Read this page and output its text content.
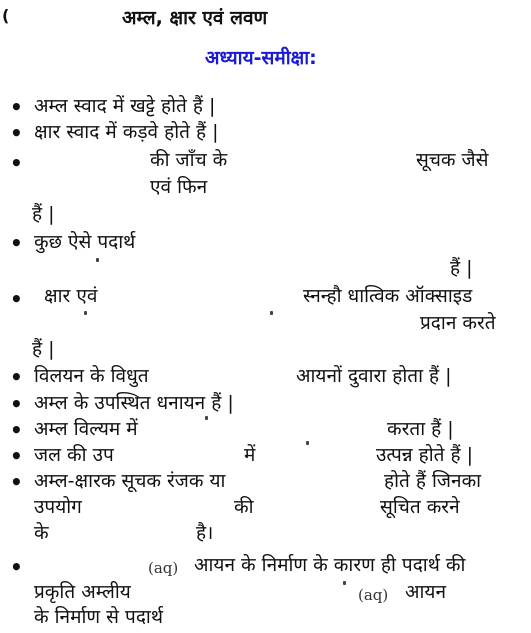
(	अम्ल, क्षार एवं लवण
अध्याय-समीक्षा:
• अम्ल स्वाद में खट्टे होते हैं |
• क्षार स्वाद में कड़वे होते हैं |
•	की जाँच के	सूचक जैसे
एवं फिन
हैं |
• कुछ ऐसे पदार्थ
हैं |
• क्षार एवं	स्नन्हौ धात्विक ऑक्साइड
प्रदान करते
हैं |
• विलयन के विधुत	आयनों दुवारा होता हैं |
• अम्ल के उपस्थित धनायन हैं |
• अम्ल विल्यम में	करता हैं |
• जल की उप	में	उत्पन्न होते हैं |
• अम्ल-क्षारक सूचक रंजक या	होते हैं जिनका
उपयोग	की	सूचित करने
के	है।
•	(aq) आयन के निर्माण के कारण ही पदार्थ की
प्रकृति अम्लीय	(aq) आयन
के निर्माण से पदार्थ
